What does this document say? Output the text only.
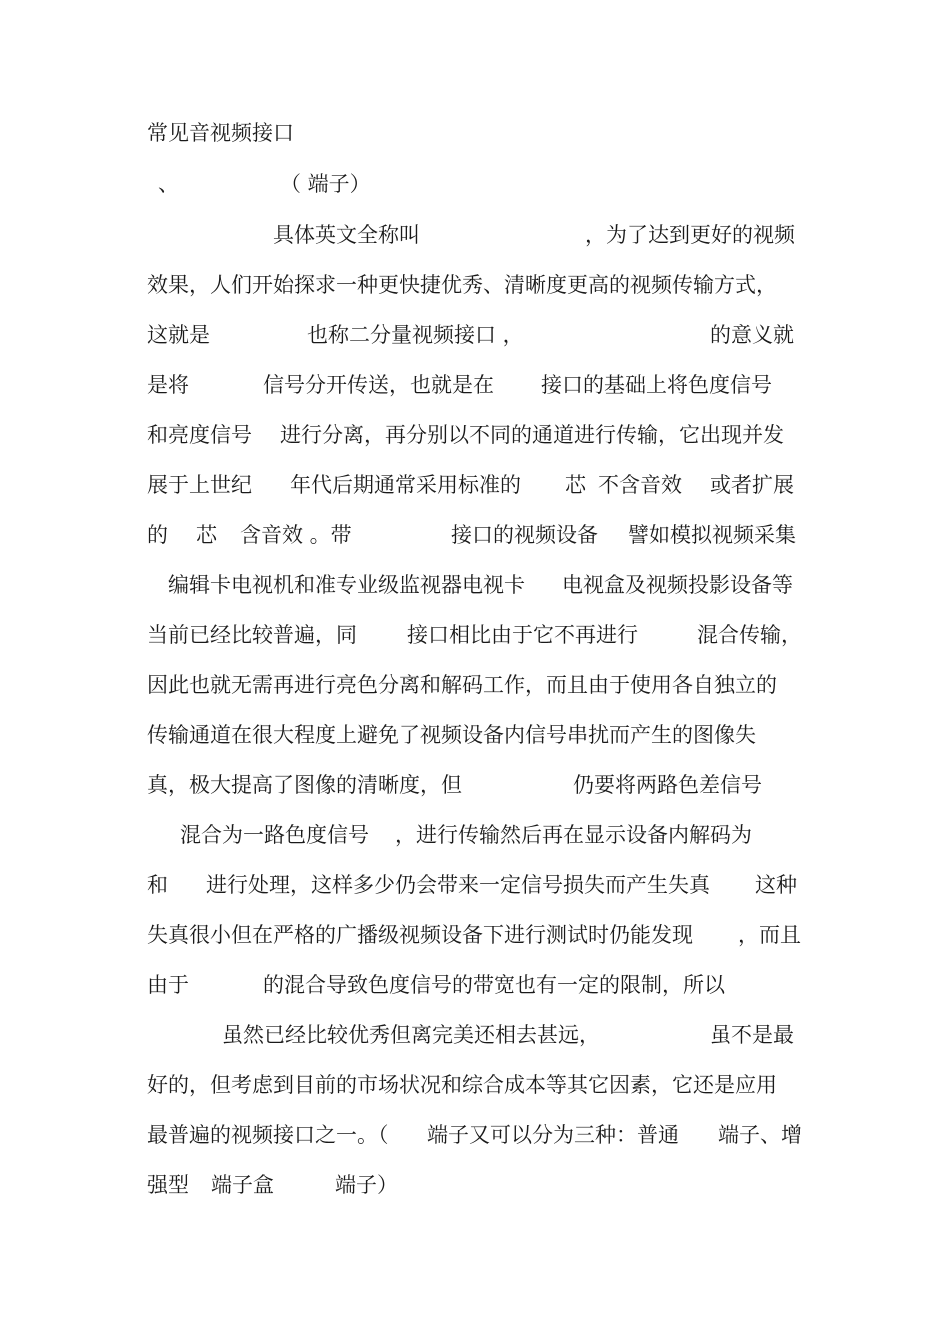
常见音视频接口
、	（ 端子）
具体英文全称叫	，为了达到更好的视频
效果，人们开始探求一种更快捷优秀、清晰度更高的视频传输方式，
这就是	也称二分量视频接口 ，	的意义就
是将	信号分开传送，也就是在 接口的基础上将色度信号
和亮度信号 进行分离，再分别以不同的通道进行传输，它出现并发
展于上世纪 年代后期通常采用标准的 芯 不含音效 或者扩展
的 芯 含音效 。带	接口的视频设备 譬如模拟视频采集
编辑卡电视机和准专业级监视器电视卡 电视盒及视频投影设备等
当前已经比较普遍，同 接口相比由于它不再进行	混合传输，
因此也就无需再进行亮色分离和解码工作，而且由于使用各自独立的
传输通道在很大程度上避免了视频设备内信号串扰而产生的图像失
真，极大提高了图像的清晰度，但	仍要将两路色差信号
混合为一路色度信号 ，进行传输然后再在显示设备内解码为
和 进行处理，这样多少仍会带来一定信号损失而产生失真 这种
失真很小但在严格的广播级视频设备下进行测试时仍能发现 ，而且
由于	的混合导致色度信号的带宽也有一定的限制，所以
虽然已经比较优秀但离完美还相去甚远，	虽不是最
好的，但考虑到目前的市场状况和综合成本等其它因素，它还是应用
最普遍的视频接口之一。（ 端子又可以分为三种：普通 端子、增
强型 端子盒	端子）
